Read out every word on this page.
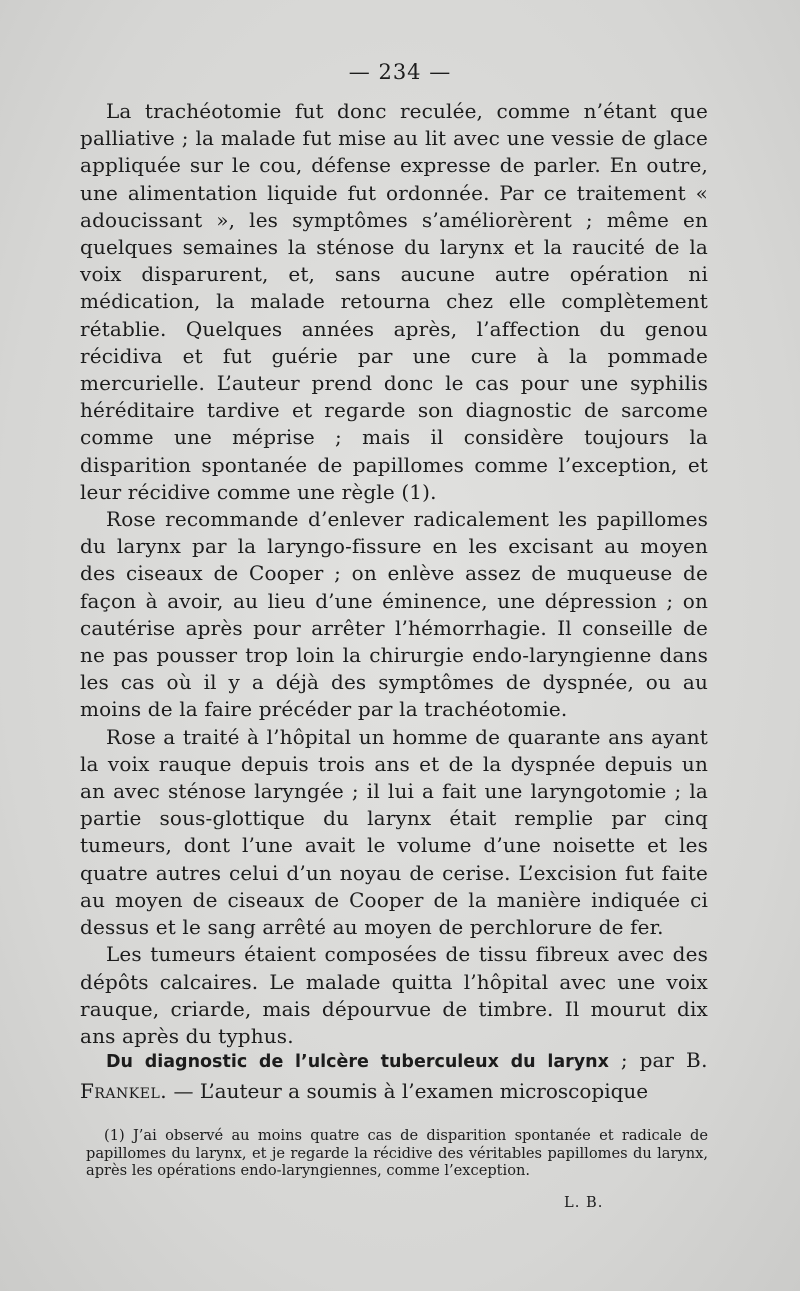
— 234 —

La trachéotomie fut donc reculée, comme n’étant que palliative ; la malade fut mise au lit avec une vessie de glace appliquée sur le cou, défense expresse de parler. En outre, une alimentation liquide fut ordonnée. Par ce traitement « adoucissant », les symptômes s’améliorèrent ; même en quelques semaines la sténose du larynx et la raucité de la voix disparurent, et, sans aucune autre opération ni médication, la malade retourna chez elle complètement rétablie. Quelques années après, l’affection du genou récidiva et fut guérie par une cure à la pommade mercurielle. L’auteur prend donc le cas pour une syphilis héréditaire tardive et regarde son diagnostic de sarcome comme une méprise ; mais il considère toujours la disparition spontanée de papillomes comme l’exception, et leur récidive comme une règle (1).

Rose recommande d’enlever radicalement les papillomes du larynx par la laryngo-fissure en les excisant au moyen des ciseaux de Cooper ; on enlève assez de muqueuse de façon à avoir, au lieu d’une éminence, une dépression ; on cautérise après pour arrêter l’hémorrhagie. Il conseille de ne pas pousser trop loin la chirurgie endo-laryngienne dans les cas où il y a déjà des symptômes de dyspnée, ou au moins de la faire précéder par la trachéotomie.

Rose a traité à l’hôpital un homme de quarante ans ayant la voix rauque depuis trois ans et de la dyspnée depuis un an avec sténose laryngée ; il lui a fait une laryngotomie ; la partie sous-glottique du larynx était remplie par cinq tumeurs, dont l’une avait le volume d’une noisette et les quatre autres celui d’un noyau de cerise. L’excision fut faite au moyen de ciseaux de Cooper de la manière indiquée ci dessus et le sang arrêté au moyen de perchlorure de fer.

Les tumeurs étaient composées de tissu fibreux avec des dépôts calcaires. Le malade quitta l’hôpital avec une voix rauque, criarde, mais dépourvue de timbre. Il mourut dix ans après du typhus.

Du diagnostic de l’ulcère tuberculeux du larynx ; par B. Frankel. — L’auteur a soumis à l’examen microscopique
(1) J’ai observé au moins quatre cas de disparition spontanée et radicale de papillomes du larynx, et je regarde la récidive des véritables papillomes du larynx, après les opérations endo-laryngiennes, comme l’exception.
L. B.
